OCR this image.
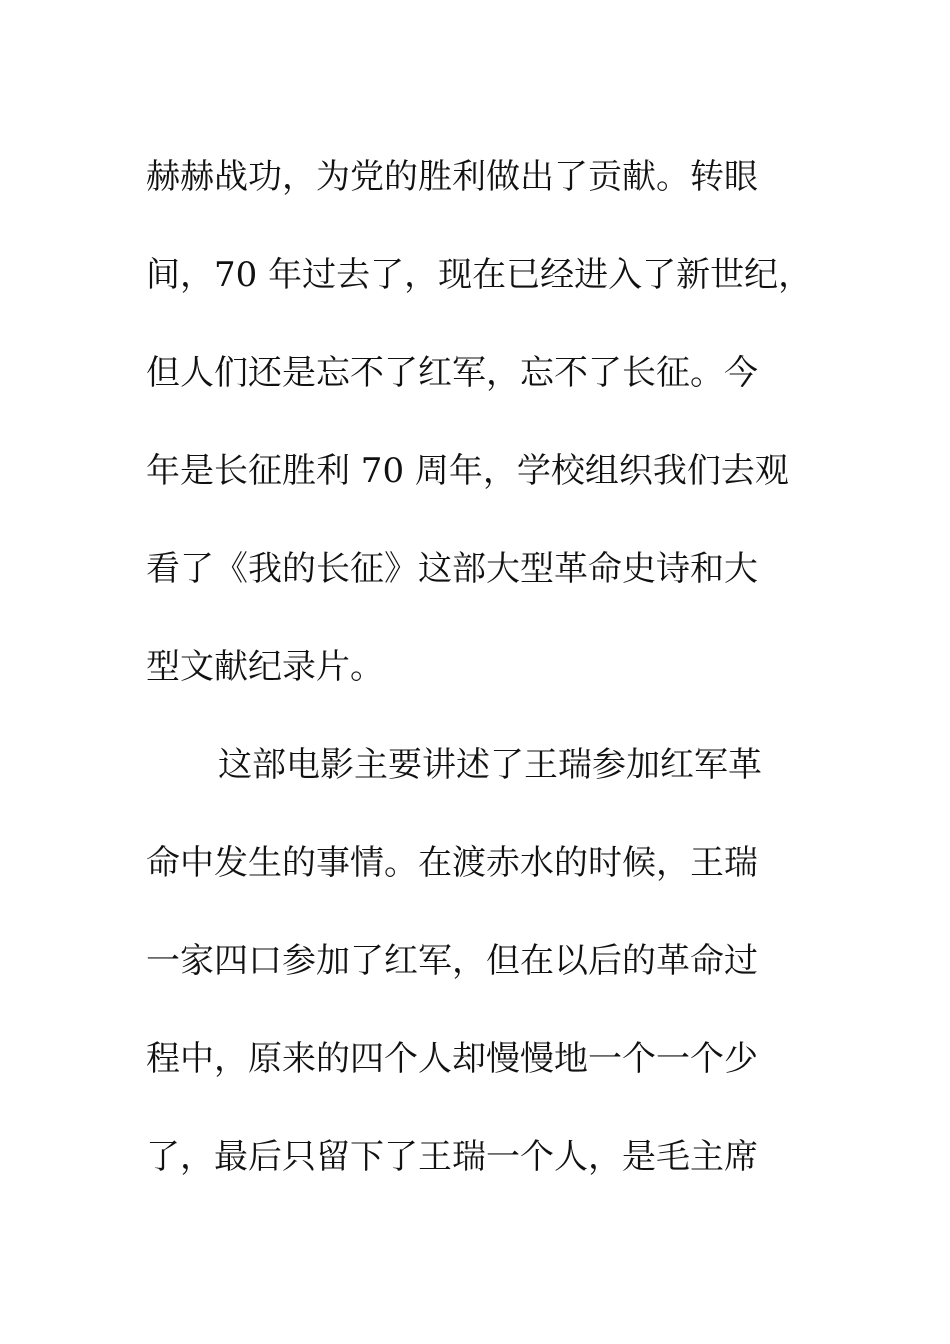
赫赫战功，为党的胜利做出了贡献。转眼
间，70 年过去了，现在已经进入了新世纪，
但人们还是忘不了红军，忘不了长征。今
年是长征胜利 70 周年，学校组织我们去观
看了《我的长征》这部大型革命史诗和大
型文献纪录片。
这部电影主要讲述了王瑞参加红军革
命中发生的事情。在渡赤水的时候，王瑞
一家四口参加了红军，但在以后的革命过
程中，原来的四个人却慢慢地一个一个少
了，最后只留下了王瑞一个人，是毛主席
